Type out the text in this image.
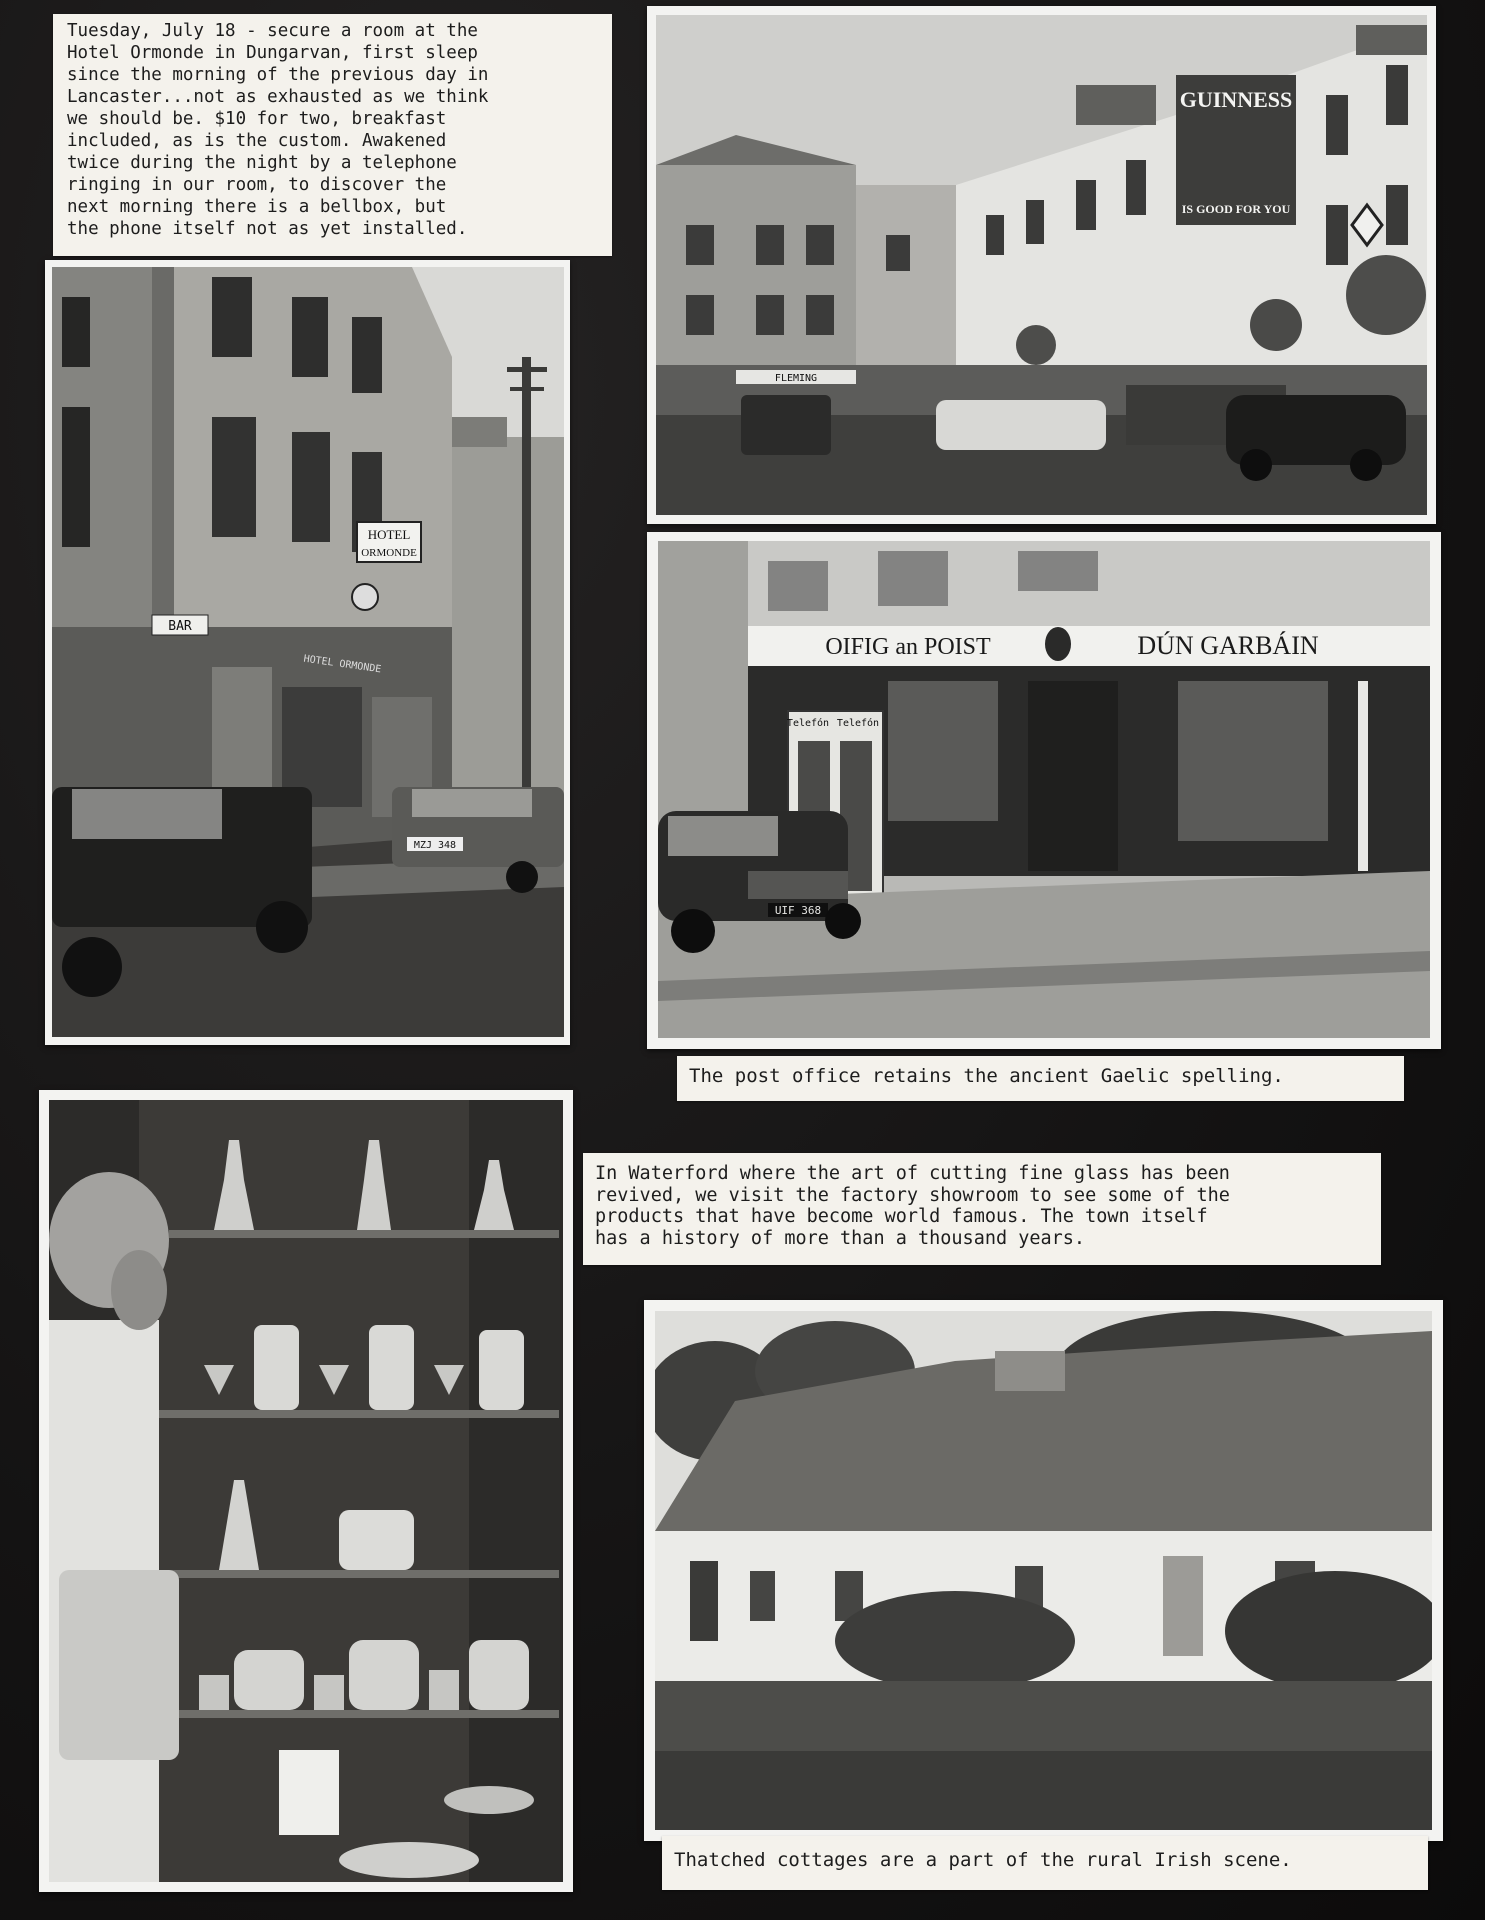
Tuesday, July 18 - secure a room at the

Hotel Ormonde in Dungarvan, first sleep

since the morning of the previous day in

Lancaster...not as exhausted as we think

we should be. $10 for two, breakfast

included, as is the custom. Awakened

twice during the night by a telephone

ringing in our room, to discover the

next morning there is a bellbox, but

the phone itself not as yet installed.

HOTEL
ORMONDE
BAR
HOTEL ORMONDE
MZJ 348
GUINNESS
IS GOOD FOR YOU
FLEMING
OIFIG an POIST	DÚN GARBÁIN
Telefón Telefón
UIF 368

The post office retains the ancient Gaelic spelling.

In Waterford where the art of cutting fine glass has been

revived, we visit the factory showroom to see some of the

products that have become world famous. The town itself

has a history of more than a thousand years.

Thatched cottages are a part of the rural Irish scene.
